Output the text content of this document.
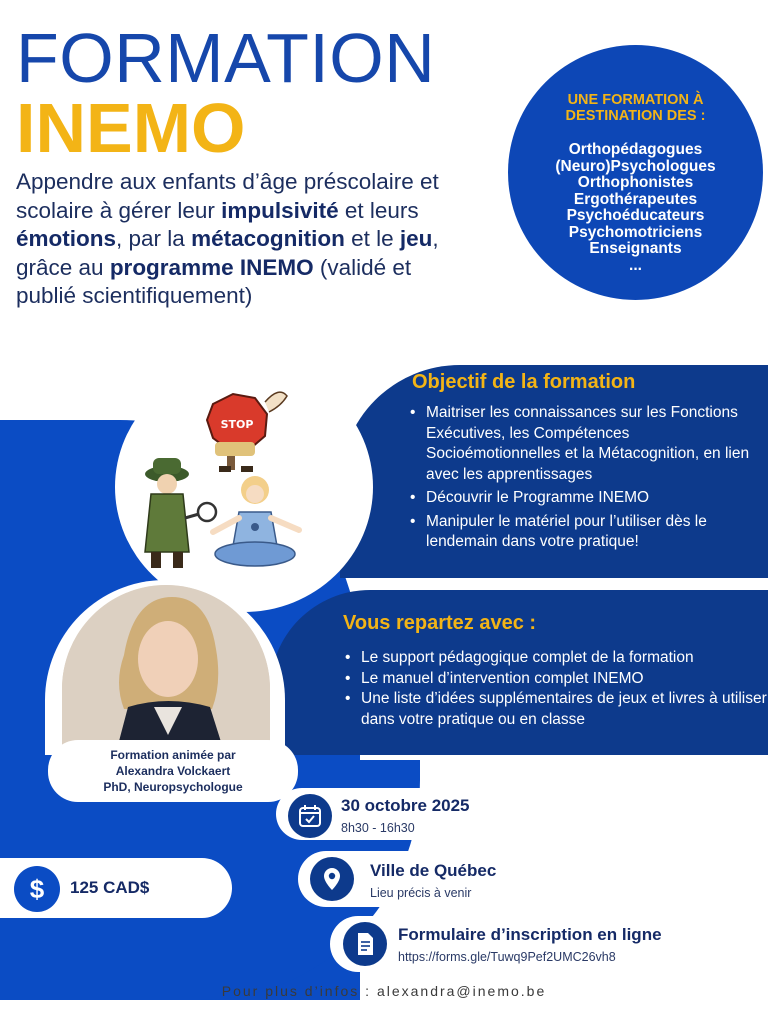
FORMATION
INEMO
Appendre aux enfants d’âge préscolaire et scolaire à gérer leur impulsivité et leurs émotions, par la métacognition et le jeu, grâce au programme INEMO (validé et publié scientifiquement)
UNE FORMATION À
DESTINATION DES :
Orthopédagogues
(Neuro)Psychologues
Orthophonistes
Ergothérapeutes
Psychoéducateurs
Psychomotriciens
Enseignants
...
STOP
Objectif de la formation
• Maitriser les connaissances sur les Fonctions Exécutives, les Compétences Socioémotionnelles et la Métacognition, en lien avec les apprentissages
• Découvrir le Programme INEMO
• Manipuler le matériel pour l’utiliser dès le lendemain dans votre pratique!
Formation animée par
Alexandra Volckaert
PhD, Neuropsychologue
Vous repartez avec :
• Le support pédagogique complet de la formation
• Le manuel d’intervention complet INEMO
• Une liste d’idées supplémentaires de jeux et livres à utiliser dans votre pratique ou en classe
30 octobre 2025
8h30 - 16h30
Ville de Québec
Lieu précis à venir
$ 125 CAD$
Formulaire d’inscription en ligne
https://forms.gle/Tuwq9Pef2UMC26vh8
Pour plus d’infos : alexandra@inemo.be
